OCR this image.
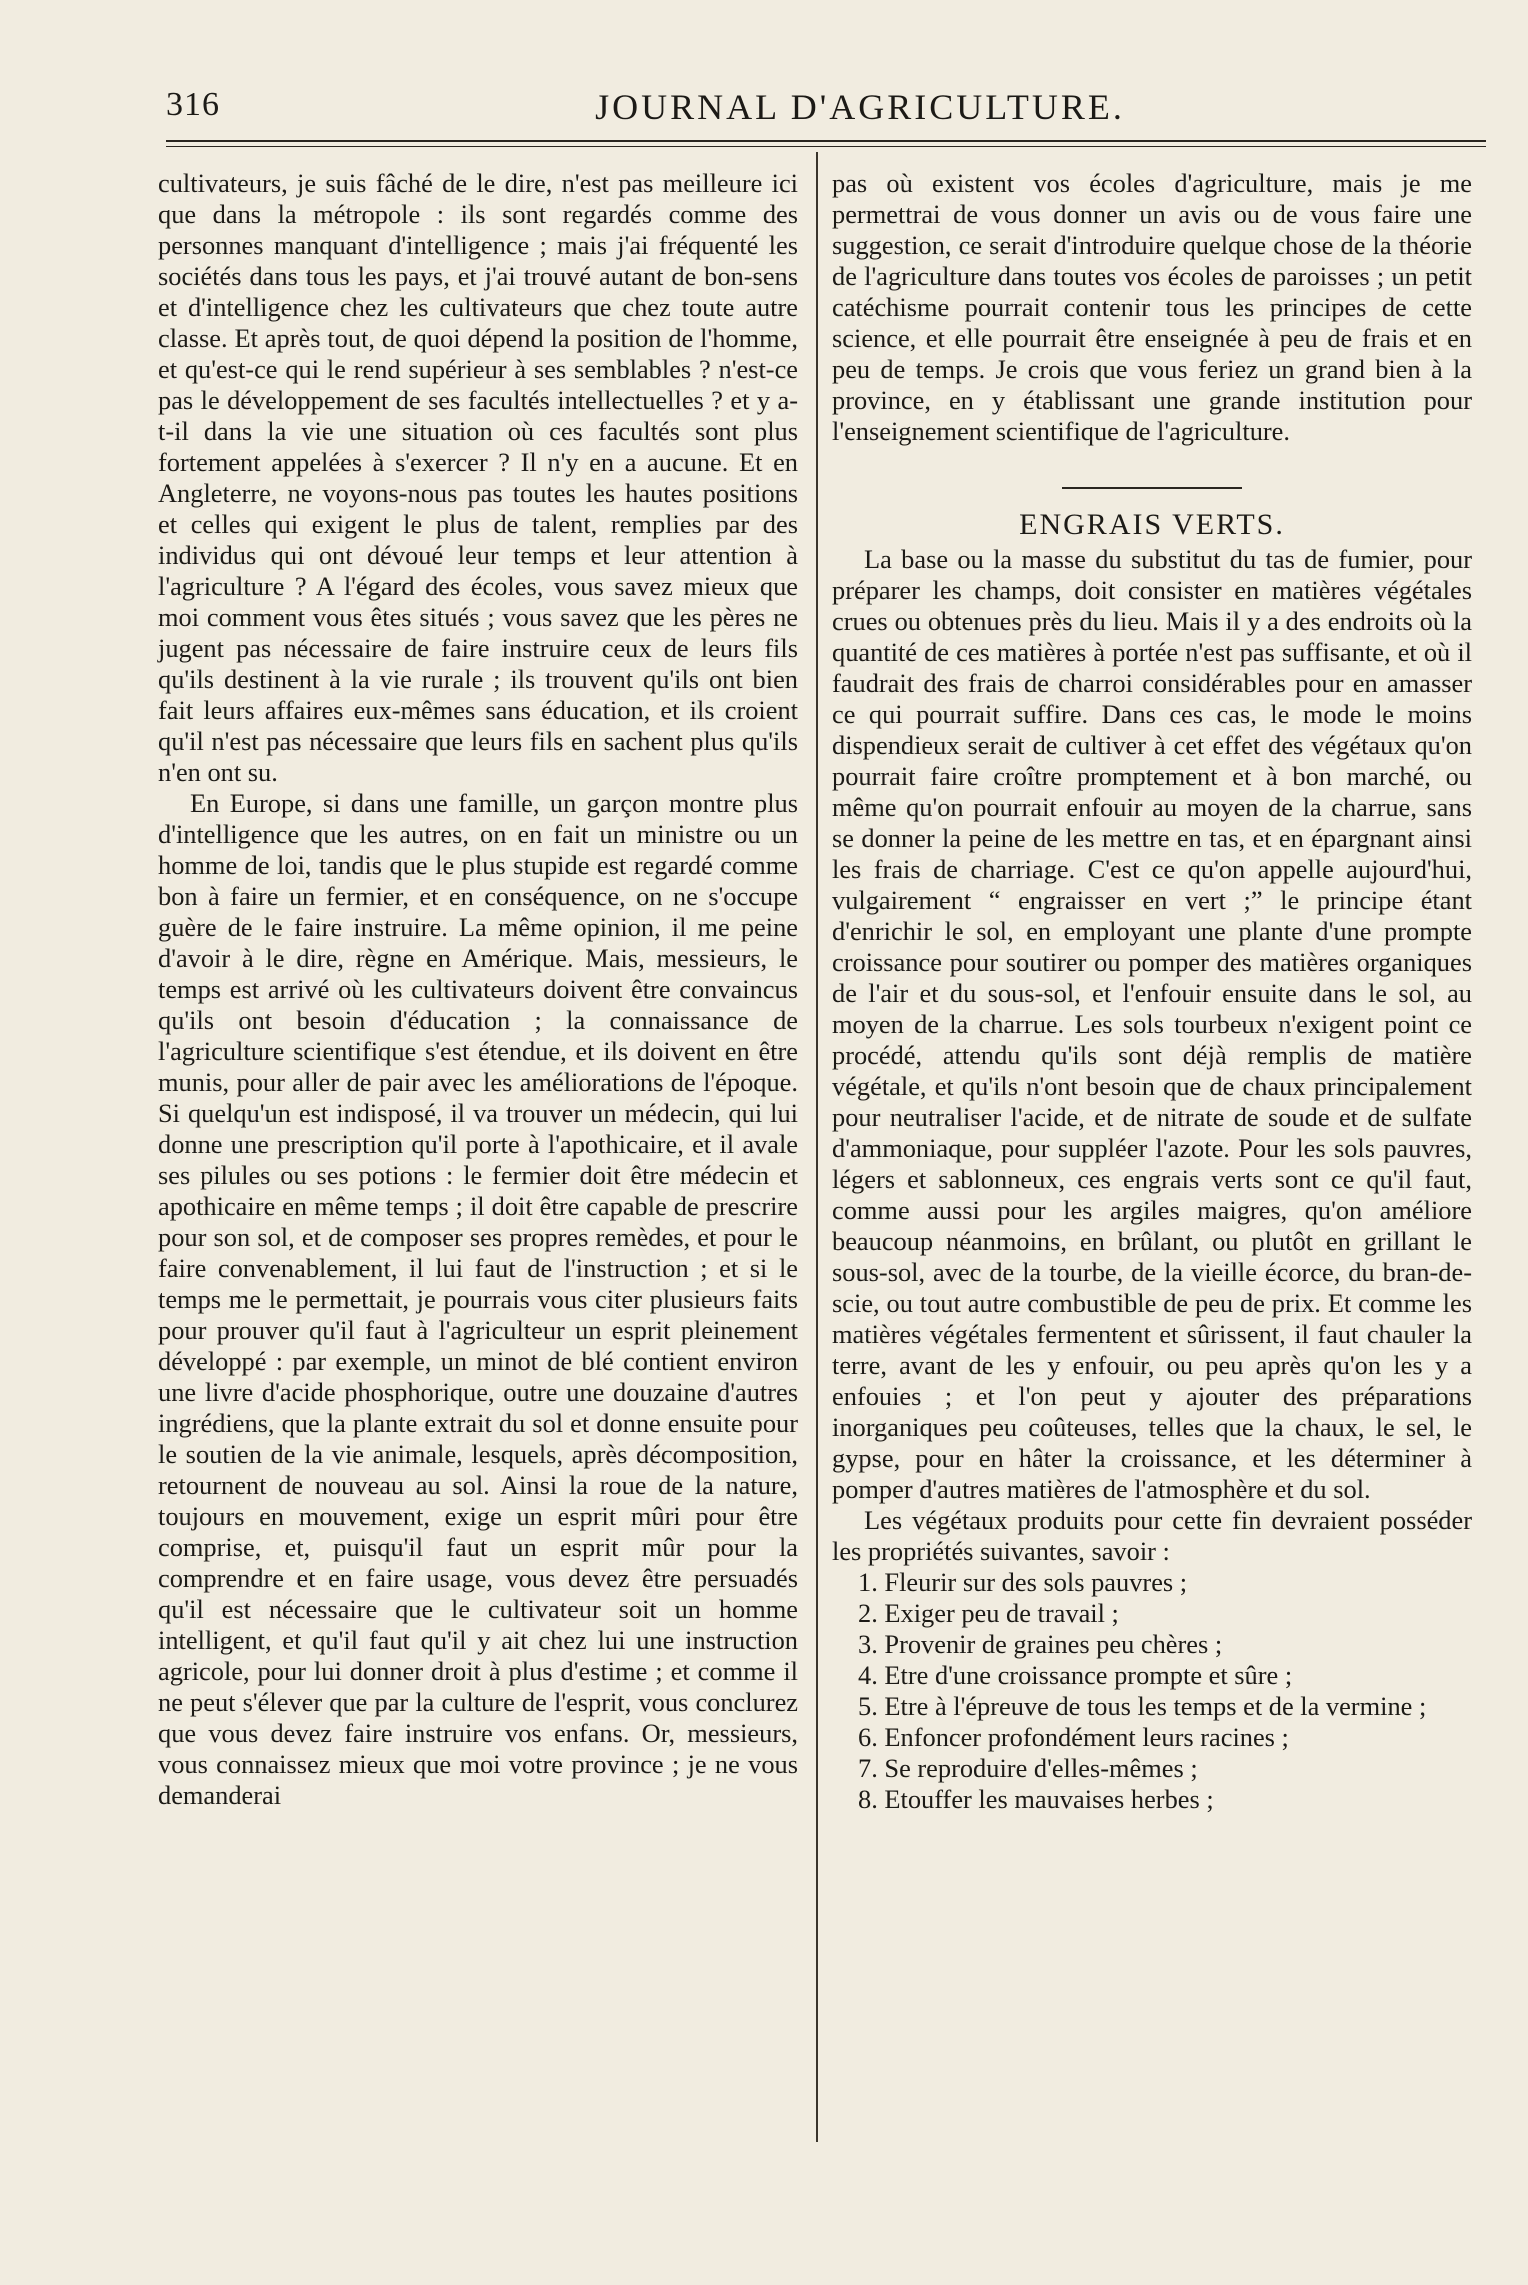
316	JOURNAL D'AGRICULTURE.

cultivateurs, je suis fâché de le dire, n'est pas meilleure ici que dans la métropole : ils sont regardés comme des personnes manquant d'intelligence ; mais j'ai fréquenté les sociétés dans tous les pays, et j'ai trouvé autant de bon-sens et d'intelligence chez les cultivateurs que chez toute autre classe. Et après tout, de quoi dépend la position de l'homme, et qu'est-ce qui le rend supérieur à ses semblables ? n'est-ce pas le développement de ses facultés intellectuelles ? et y a-t-il dans la vie une situation où ces facultés sont plus fortement appelées à s'exercer ? Il n'y en a aucune. Et en Angleterre, ne voyons-nous pas toutes les hautes positions et celles qui exigent le plus de talent, remplies par des individus qui ont dévoué leur temps et leur attention à l'agriculture ? A l'égard des écoles, vous savez mieux que moi comment vous êtes situés ; vous savez que les pères ne jugent pas nécessaire de faire instruire ceux de leurs fils qu'ils destinent à la vie rurale ; ils trouvent qu'ils ont bien fait leurs affaires eux-mêmes sans éducation, et ils croient qu'il n'est pas nécessaire que leurs fils en sachent plus qu'ils n'en ont su.

En Europe, si dans une famille, un garçon montre plus d'intelligence que les autres, on en fait un ministre ou un homme de loi, tandis que le plus stupide est regardé comme bon à faire un fermier, et en conséquence, on ne s'occupe guère de le faire instruire. La même opinion, il me peine d'avoir à le dire, règne en Amérique. Mais, messieurs, le temps est arrivé où les cultivateurs doivent être convaincus qu'ils ont besoin d'éducation ; la connaissance de l'agriculture scientifique s'est étendue, et ils doivent en être munis, pour aller de pair avec les améliorations de l'époque. Si quelqu'un est indisposé, il va trouver un médecin, qui lui donne une prescription qu'il porte à l'apothicaire, et il avale ses pilules ou ses potions : le fermier doit être médecin et apothicaire en même temps ; il doit être capable de prescrire pour son sol, et de composer ses propres remèdes, et pour le faire convenablement, il lui faut de l'instruction ; et si le temps me le permettait, je pourrais vous citer plusieurs faits pour prouver qu'il faut à l'agriculteur un esprit pleinement développé : par exemple, un minot de blé contient environ une livre d'acide phosphorique, outre une douzaine d'autres ingrédiens, que la plante extrait du sol et donne ensuite pour le soutien de la vie animale, lesquels, après décomposition, retournent de nouveau au sol. Ainsi la roue de la nature, toujours en mouvement, exige un esprit mûri pour être comprise, et, puisqu'il faut un esprit mûr pour la comprendre et en faire usage, vous devez être persuadés qu'il est nécessaire que le cultivateur soit un homme intelligent, et qu'il faut qu'il y ait chez lui une instruction agricole, pour lui donner droit à plus d'estime ; et comme il ne peut s'élever que par la culture de l'esprit, vous conclurez que vous devez faire instruire vos enfans. Or, messieurs, vous connaissez mieux que moi votre province ; je ne vous demanderai

pas où existent vos écoles d'agriculture, mais je me permettrai de vous donner un avis ou de vous faire une suggestion, ce serait d'introduire quelque chose de la théorie de l'agriculture dans toutes vos écoles de paroisses ; un petit catéchisme pourrait contenir tous les principes de cette science, et elle pourrait être enseignée à peu de frais et en peu de temps. Je crois que vous feriez un grand bien à la province, en y établissant une grande institution pour l'enseignement scientifique de l'agriculture.

ENGRAIS VERTS.

La base ou la masse du substitut du tas de fumier, pour préparer les champs, doit consister en matières végétales crues ou obtenues près du lieu. Mais il y a des endroits où la quantité de ces matières à portée n'est pas suffisante, et où il faudrait des frais de charroi considérables pour en amasser ce qui pourrait suffire. Dans ces cas, le mode le moins dispendieux serait de cultiver à cet effet des végétaux qu'on pourrait faire croître promptement et à bon marché, ou même qu'on pourrait enfouir au moyen de la charrue, sans se donner la peine de les mettre en tas, et en épargnant ainsi les frais de charriage. C'est ce qu'on appelle aujourd'hui, vulgairement “ engraisser en vert ;” le principe étant d'enrichir le sol, en employant une plante d'une prompte croissance pour soutirer ou pomper des matières organiques de l'air et du sous-sol, et l'enfouir ensuite dans le sol, au moyen de la charrue. Les sols tourbeux n'exigent point ce procédé, attendu qu'ils sont déjà remplis de matière végétale, et qu'ils n'ont besoin que de chaux principalement pour neutraliser l'acide, et de nitrate de soude et de sulfate d'ammoniaque, pour suppléer l'azote. Pour les sols pauvres, légers et sablonneux, ces engrais verts sont ce qu'il faut, comme aussi pour les argiles maigres, qu'on améliore beaucoup néanmoins, en brûlant, ou plutôt en grillant le sous-sol, avec de la tourbe, de la vieille écorce, du bran-de-scie, ou tout autre combustible de peu de prix. Et comme les matières végétales fermentent et sûrissent, il faut chauler la terre, avant de les y enfouir, ou peu après qu'on les y a enfouies ; et l'on peut y ajouter des préparations inorganiques peu coûteuses, telles que la chaux, le sel, le gypse, pour en hâter la croissance, et les déterminer à pomper d'autres matières de l'atmosphère et du sol.

Les végétaux produits pour cette fin devraient posséder les propriétés suivantes, savoir :

1. Fleurir sur des sols pauvres ;
2. Exiger peu de travail ;
3. Provenir de graines peu chères ;
4. Etre d'une croissance prompte et sûre ;
5. Etre à l'épreuve de tous les temps et de la vermine ;
6. Enfoncer profondément leurs racines ;
7. Se reproduire d'elles-mêmes ;
8. Etouffer les mauvaises herbes ;
